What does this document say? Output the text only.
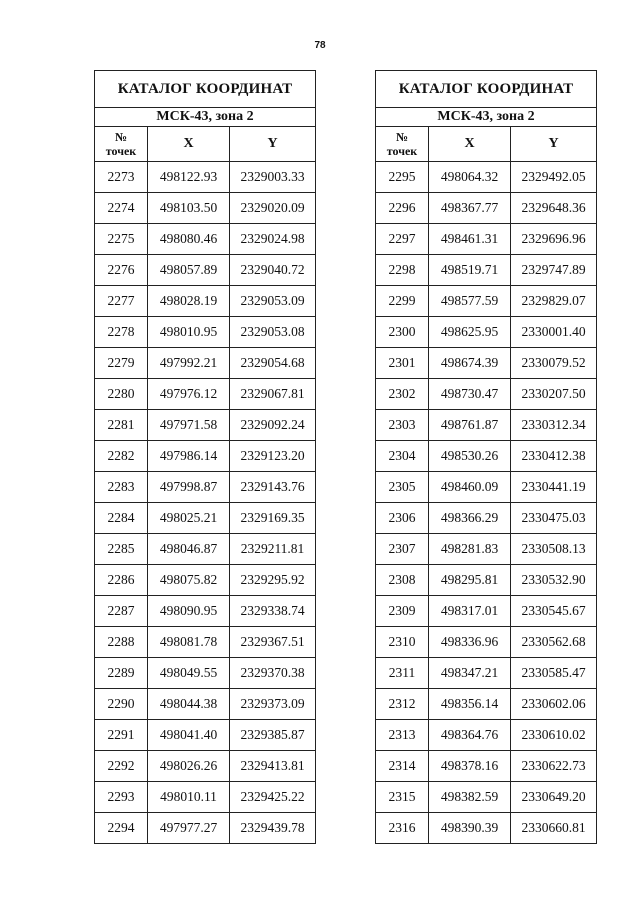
78
КАТАЛОГ КООРДИНАТ		
МСК-43, зона 2		

№
точек	X	Y
2273	498122.93	2329003.33
2274	498103.50	2329020.09
2275	498080.46	2329024.98
2276	498057.89	2329040.72
2277	498028.19	2329053.09
2278	498010.95	2329053.08
2279	497992.21	2329054.68
2280	497976.12	2329067.81
2281	497971.58	2329092.24
2282	497986.14	2329123.20
2283	497998.87	2329143.76
2284	498025.21	2329169.35
2285	498046.87	2329211.81
2286	498075.82	2329295.92
2287	498090.95	2329338.74
2288	498081.78	2329367.51
2289	498049.55	2329370.38
2290	498044.38	2329373.09
2291	498041.40	2329385.87
2292	498026.26	2329413.81
2293	498010.11	2329425.22
2294	497977.27	2329439.78
КАТАЛОГ КООРДИНАТ		
МСК-43, зона 2		

№
точек	X	Y
2295	498064.32	2329492.05
2296	498367.77	2329648.36
2297	498461.31	2329696.96
2298	498519.71	2329747.89
2299	498577.59	2329829.07
2300	498625.95	2330001.40
2301	498674.39	2330079.52
2302	498730.47	2330207.50
2303	498761.87	2330312.34
2304	498530.26	2330412.38
2305	498460.09	2330441.19
2306	498366.29	2330475.03
2307	498281.83	2330508.13
2308	498295.81	2330532.90
2309	498317.01	2330545.67
2310	498336.96	2330562.68
2311	498347.21	2330585.47
2312	498356.14	2330602.06
2313	498364.76	2330610.02
2314	498378.16	2330622.73
2315	498382.59	2330649.20
2316	498390.39	2330660.81
